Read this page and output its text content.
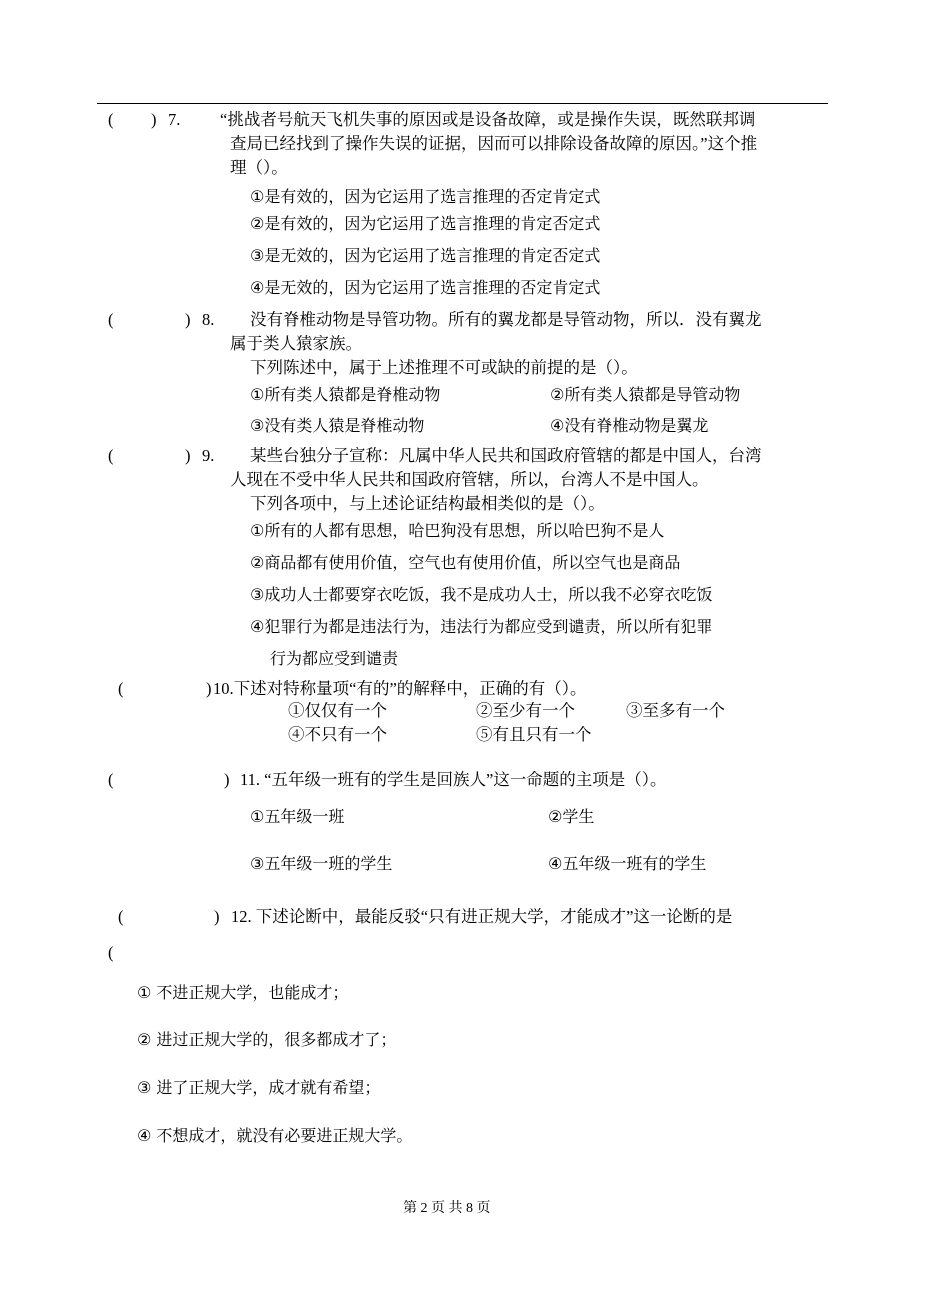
( ) 7. “挑战者号航天飞机失事的原因或是设备故障，或是操作失误，既然联邦调
查局已经找到了操作失误的证据，因而可以排除设备故障的原因。”这个推
理（）。
①是有效的，因为它运用了选言推理的否定肯定式
②是有效的，因为它运用了选言推理的肯定否定式
③是无效的，因为它运用了选言推理的肯定否定式
④是无效的，因为它运用了选言推理的否定肯定式
(	) 8. 没有脊椎动物是导管功物。所有的翼龙都是导管动物，所以．没有翼龙
属于类人猿家族。
下列陈述中，属于上述推理不可或缺的前提的是（）。
①所有类人猿都是脊椎动物	②所有类人猿都是导管动物
③没有类人猿是脊椎动物	④没有脊椎动物是翼龙
(	) 9. 某些台独分子宣称：凡属中华人民共和国政府管辖的都是中国人，台湾
人现在不受中华人民共和国政府管辖，所以，台湾人不是中国人。
下列各项中，与上述论证结构最相类似的是（）。
①所有的人都有思想，哈巴狗没有思想，所以哈巴狗不是人
②商品都有使用价值，空气也有使用价值，所以空气也是商品
③成功人士都要穿衣吃饭，我不是成功人士，所以我不必穿衣吃饭
④犯罪行为都是违法行为，违法行为都应受到谴责，所以所有犯罪
行为都应受到谴责
(	) 10.下述对特称量项“有的”的解释中，正确的有（）。
①仅仅有一个	②至少有一个	③至多有一个
④不只有一个	⑤有且只有一个
(	) 11. “五年级一班有的学生是回族人”这一命题的主项是（）。
①五年级一班	②学生
③五年级一班的学生	④五年级一班有的学生
(	) 12. 下述论断中，最能反驳“只有进正规大学，才能成才”这一论断的是
(
① 不进正规大学，也能成才；
② 进过正规大学的，很多都成才了；
③ 进了正规大学，成才就有希望；
④ 不想成才，就没有必要进正规大学。
第 2 页 共 8 页
